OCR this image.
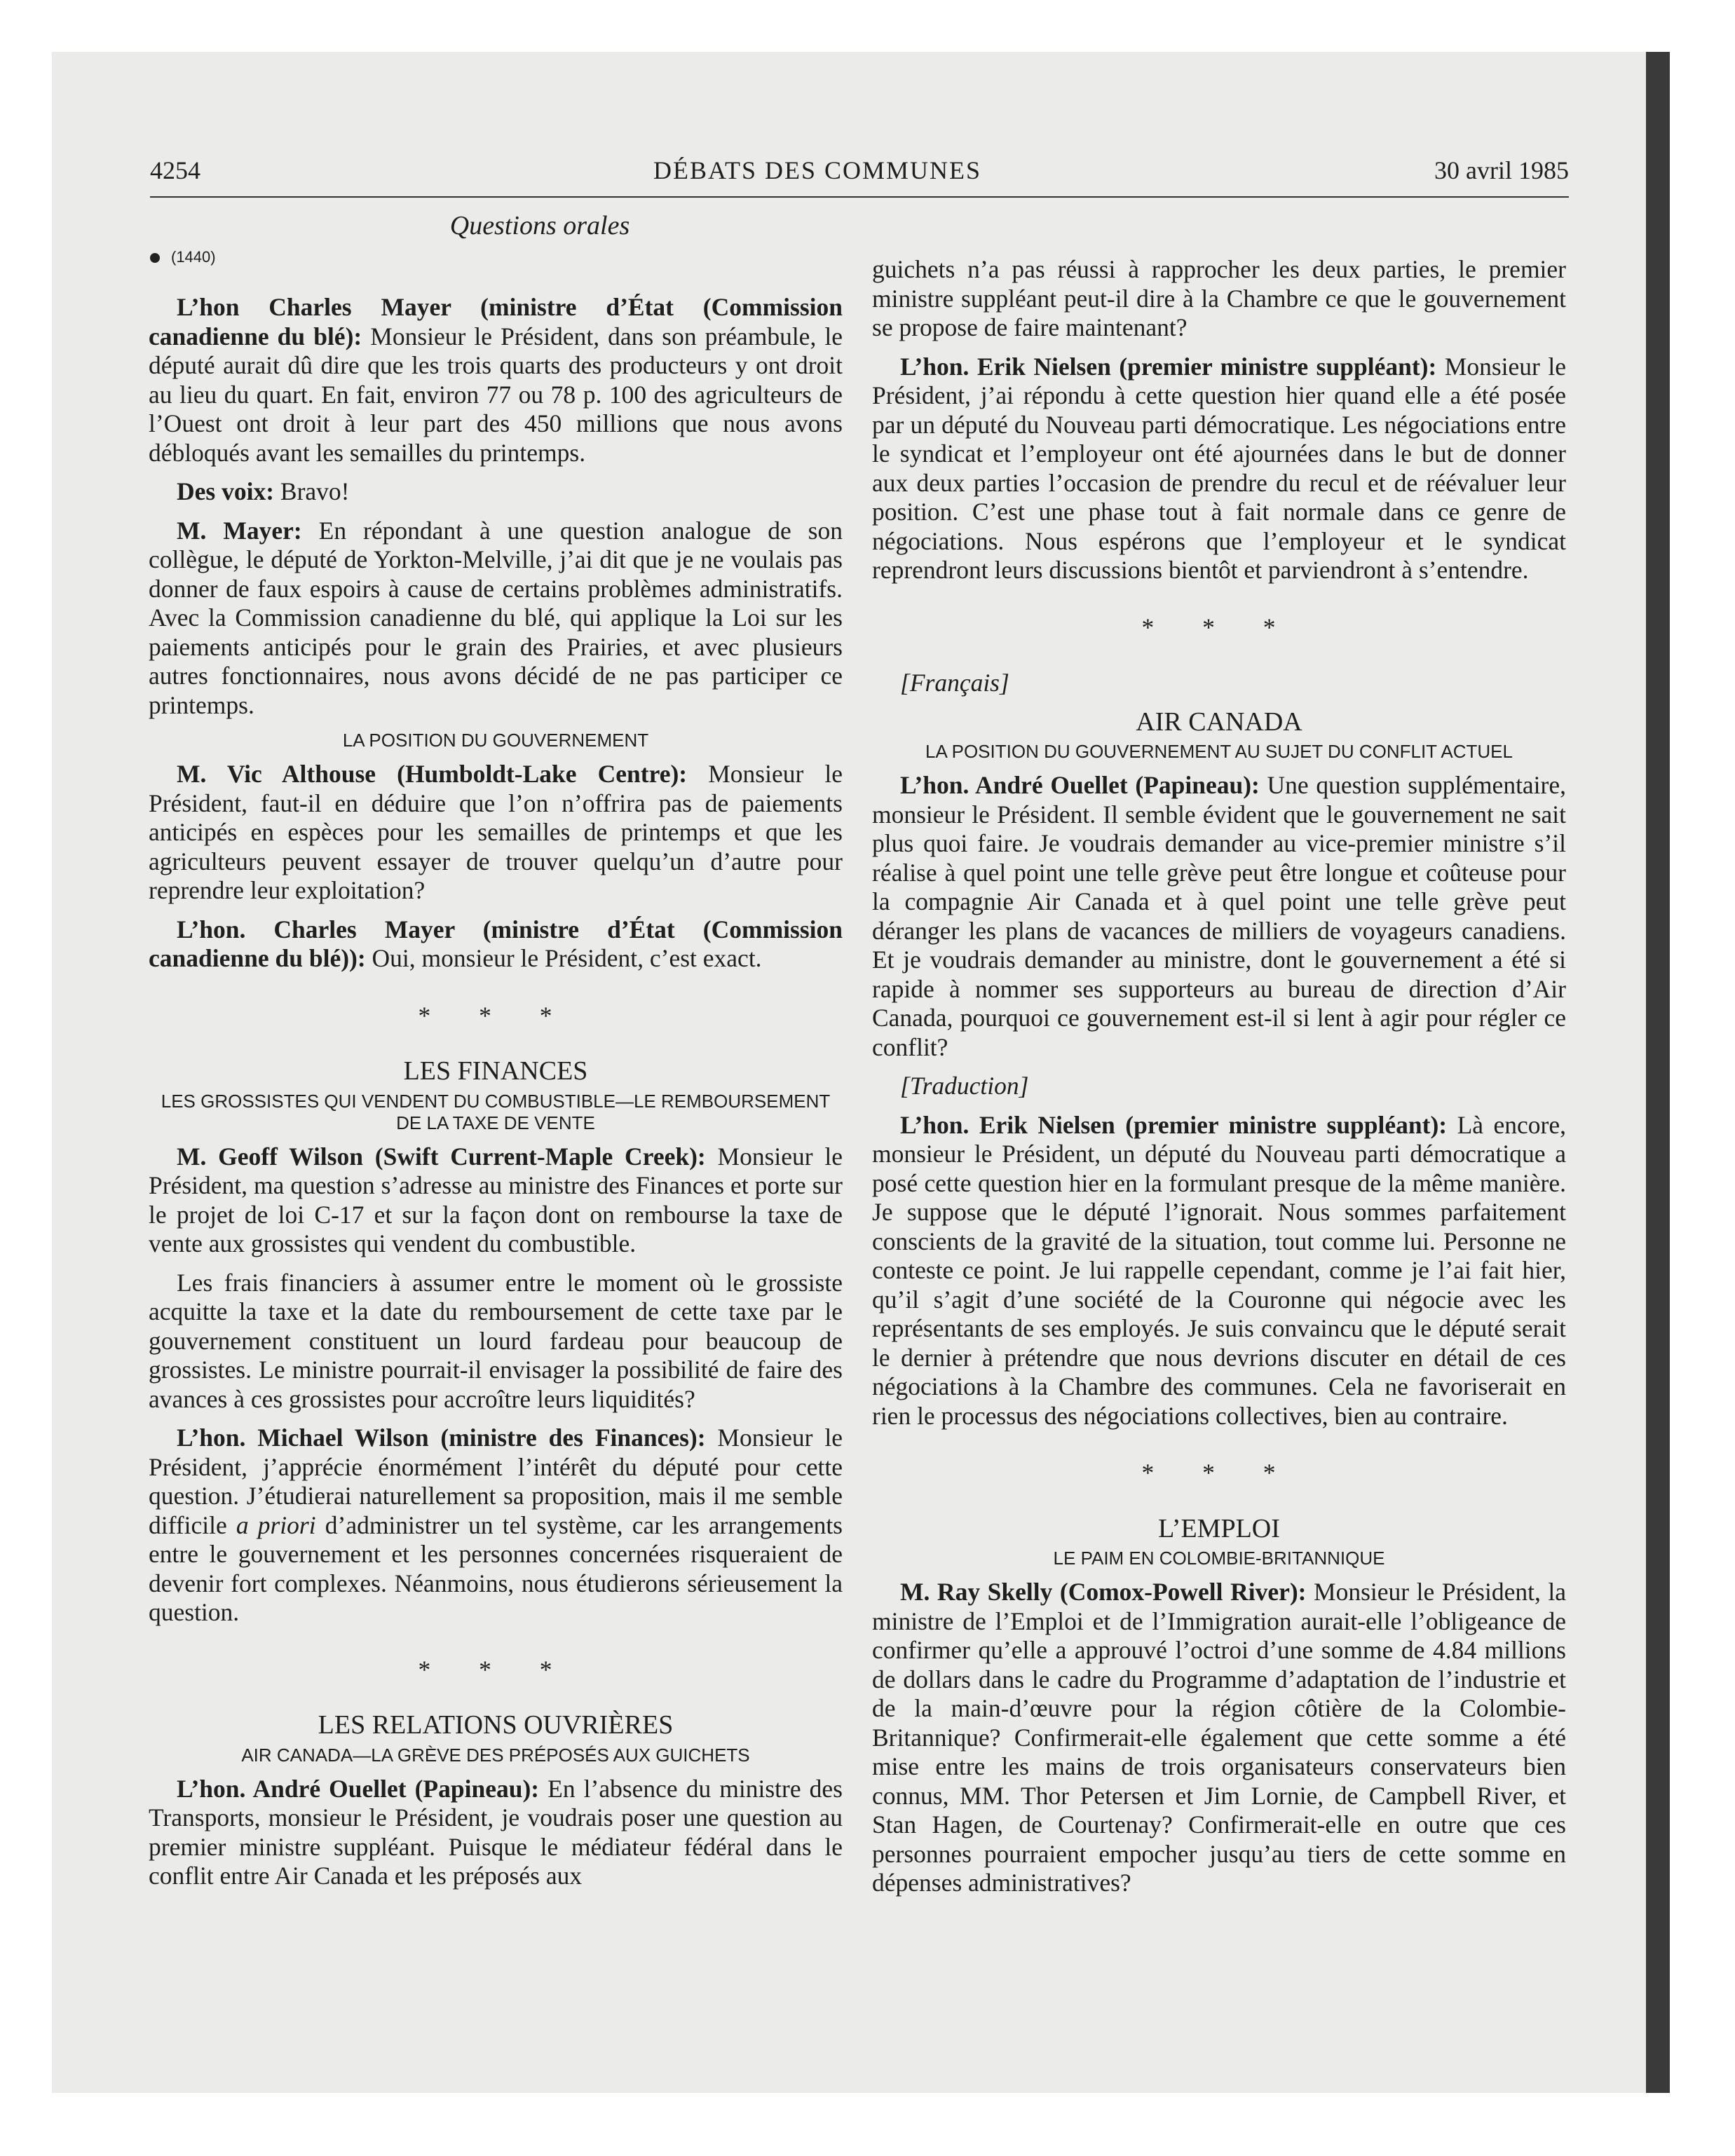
4254	DÉBATS DES COMMUNES	30 avril 1985
Questions orales
(1440)

L’hon Charles Mayer (ministre d’État (Commission canadienne du blé): Monsieur le Président, dans son préambule, le député aurait dû dire que les trois quarts des producteurs y ont droit au lieu du quart. En fait, environ 77 ou 78 p. 100 des agriculteurs de l’Ouest ont droit à leur part des 450 millions que nous avons débloqués avant les semailles du printemps.

Des voix: Bravo!

M. Mayer: En répondant à une question analogue de son collègue, le député de Yorkton-Melville, j’ai dit que je ne voulais pas donner de faux espoirs à cause de certains problèmes administratifs. Avec la Commission canadienne du blé, qui applique la Loi sur les paiements anticipés pour le grain des Prairies, et avec plusieurs autres fonctionnaires, nous avons décidé de ne pas participer ce printemps.

LA POSITION DU GOUVERNEMENT

M. Vic Althouse (Humboldt-Lake Centre): Monsieur le Président, faut-il en déduire que l’on n’offrira pas de paiements anticipés en espèces pour les semailles de printemps et que les agriculteurs peuvent essayer de trouver quelqu’un d’autre pour reprendre leur exploitation?

L’hon. Charles Mayer (ministre d’État (Commission canadienne du blé)): Oui, monsieur le Président, c’est exact.

* * *
LES FINANCES
LES GROSSISTES QUI VENDENT DU COMBUSTIBLE—LE REMBOURSEMENT DE LA TAXE DE VENTE

M. Geoff Wilson (Swift Current-Maple Creek): Monsieur le Président, ma question s’adresse au ministre des Finances et porte sur le projet de loi C-17 et sur la façon dont on rembourse la taxe de vente aux grossistes qui vendent du combustible.

Les frais financiers à assumer entre le moment où le grossiste acquitte la taxe et la date du remboursement de cette taxe par le gouvernement constituent un lourd fardeau pour beaucoup de grossistes. Le ministre pourrait-il envisager la possibilité de faire des avances à ces grossistes pour accroître leurs liquidités?

L’hon. Michael Wilson (ministre des Finances): Monsieur le Président, j’apprécie énormément l’intérêt du député pour cette question. J’étudierai naturellement sa proposition, mais il me semble difficile a priori d’administrer un tel système, car les arrangements entre le gouvernement et les personnes concernées risqueraient de devenir fort complexes. Néanmoins, nous étudierons sérieusement la question.

* * *
LES RELATIONS OUVRIÈRES
AIR CANADA—LA GRÈVE DES PRÉPOSÉS AUX GUICHETS

L’hon. André Ouellet (Papineau): En l’absence du ministre des Transports, monsieur le Président, je voudrais poser une question au premier ministre suppléant. Puisque le médiateur fédéral dans le conflit entre Air Canada et les préposés aux

guichets n’a pas réussi à rapprocher les deux parties, le premier ministre suppléant peut-il dire à la Chambre ce que le gouvernement se propose de faire maintenant?

L’hon. Erik Nielsen (premier ministre suppléant): Monsieur le Président, j’ai répondu à cette question hier quand elle a été posée par un député du Nouveau parti démocratique. Les négociations entre le syndicat et l’employeur ont été ajournées dans le but de donner aux deux parties l’occasion de prendre du recul et de réévaluer leur position. C’est une phase tout à fait normale dans ce genre de négociations. Nous espérons que l’employeur et le syndicat reprendront leurs discussions bientôt et parviendront à s’entendre.

* * *

[Français]

AIR CANADA
LA POSITION DU GOUVERNEMENT AU SUJET DU CONFLIT ACTUEL

L’hon. André Ouellet (Papineau): Une question supplémentaire, monsieur le Président. Il semble évident que le gouvernement ne sait plus quoi faire. Je voudrais demander au vice-premier ministre s’il réalise à quel point une telle grève peut être longue et coûteuse pour la compagnie Air Canada et à quel point une telle grève peut déranger les plans de vacances de milliers de voyageurs canadiens. Et je voudrais demander au ministre, dont le gouvernement a été si rapide à nommer ses supporteurs au bureau de direction d’Air Canada, pourquoi ce gouvernement est-il si lent à agir pour régler ce conflit?

[Traduction]

L’hon. Erik Nielsen (premier ministre suppléant): Là encore, monsieur le Président, un député du Nouveau parti démocratique a posé cette question hier en la formulant presque de la même manière. Je suppose que le député l’ignorait. Nous sommes parfaitement conscients de la gravité de la situation, tout comme lui. Personne ne conteste ce point. Je lui rappelle cependant, comme je l’ai fait hier, qu’il s’agit d’une société de la Couronne qui négocie avec les représentants de ses employés. Je suis convaincu que le député serait le dernier à prétendre que nous devrions discuter en détail de ces négociations à la Chambre des communes. Cela ne favoriserait en rien le processus des négociations collectives, bien au contraire.

* * *
L’EMPLOI
LE PAIM EN COLOMBIE-BRITANNIQUE

M. Ray Skelly (Comox-Powell River): Monsieur le Président, la ministre de l’Emploi et de l’Immigration aurait-elle l’obligeance de confirmer qu’elle a approuvé l’octroi d’une somme de 4.84 millions de dollars dans le cadre du Programme d’adaptation de l’industrie et de la main-d’œuvre pour la région côtière de la Colombie-Britannique? Confirmerait-elle également que cette somme a été mise entre les mains de trois organisateurs conservateurs bien connus, MM. Thor Petersen et Jim Lornie, de Campbell River, et Stan Hagen, de Courtenay? Confirmerait-elle en outre que ces personnes pourraient empocher jusqu’au tiers de cette somme en dépenses administratives?
